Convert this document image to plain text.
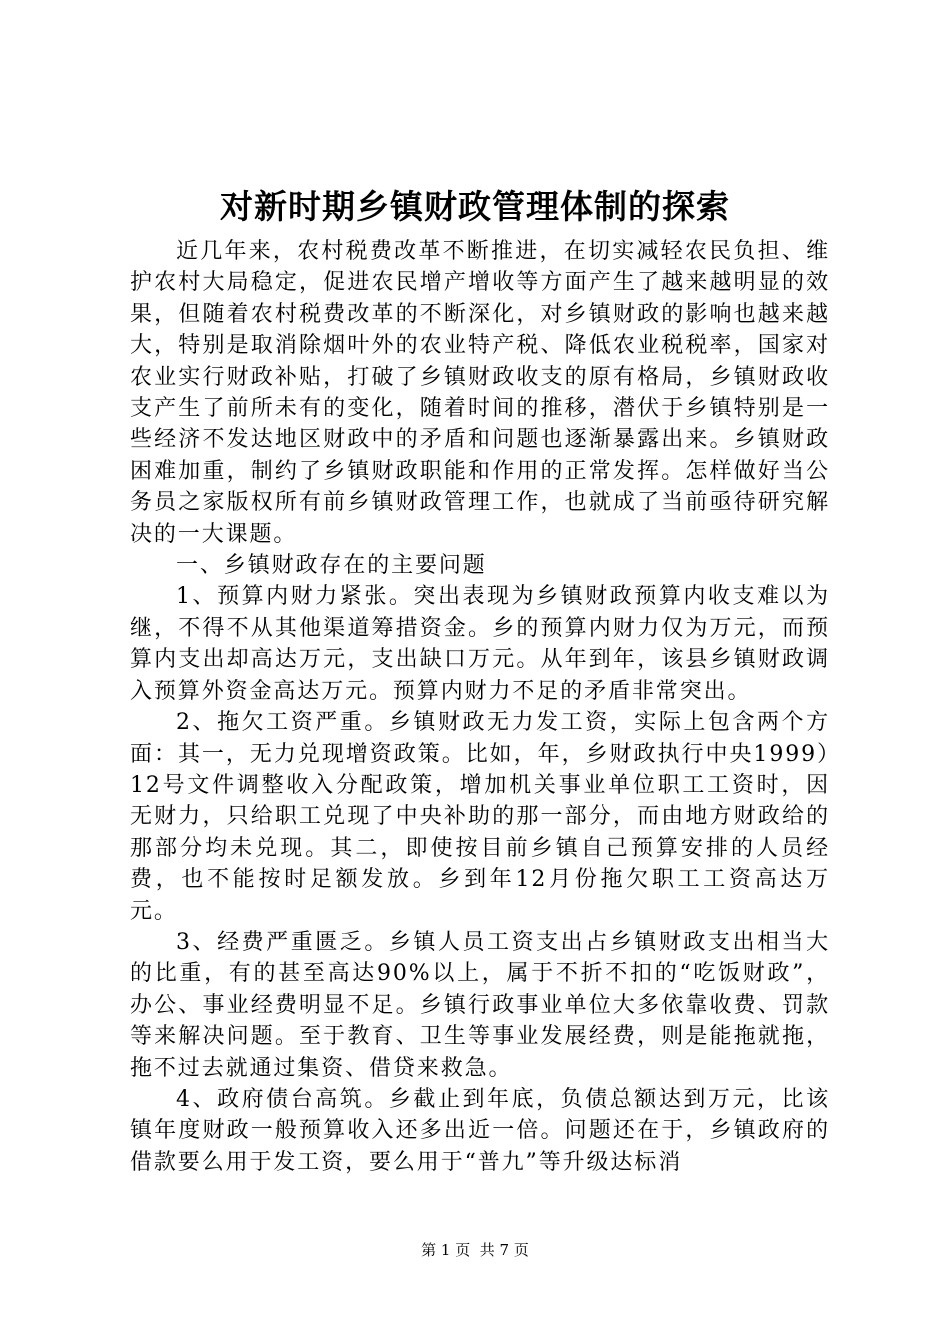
对新时期乡镇财政管理体制的探索

近几年来，农村税费改革不断推进，在切实减轻农民负担、维护农村大局稳定，促进农民增产增收等方面产生了越来越明显的效果，但随着农村税费改革的不断深化，对乡镇财政的影响也越来越大，特别是取消除烟叶外的农业特产税、降低农业税税率，国家对农业实行财政补贴，打破了乡镇财政收支的原有格局，乡镇财政收支产生了前所未有的变化，随着时间的推移，潜伏于乡镇特别是一些经济不发达地区财政中的矛盾和问题也逐渐暴露出来。乡镇财政困难加重，制约了乡镇财政职能和作用的正常发挥。怎样做好当公务员之家版权所有前乡镇财政管理工作，也就成了当前亟待研究解决的一大课题。

一、乡镇财政存在的主要问题

1、预算内财力紧张。突出表现为乡镇财政预算内收支难以为继，不得不从其他渠道筹措资金。乡的预算内财力仅为万元，而预算内支出却高达万元，支出缺口万元。从年到年，该县乡镇财政调入预算外资金高达万元。预算内财力不足的矛盾非常突出。

2、拖欠工资严重。乡镇财政无力发工资，实际上包含两个方面：其一，无力兑现增资政策。比如，年，乡财政执行中央1999）12号文件调整收入分配政策，增加机关事业单位职工工资时，因无财力，只给职工兑现了中央补助的那一部分，而由地方财政给的那部分均未兑现。其二，即使按目前乡镇自己预算安排的人员经费，也不能按时足额发放。乡到年12月份拖欠职工工资高达万元。

3、经费严重匮乏。乡镇人员工资支出占乡镇财政支出相当大的比重，有的甚至高达90%以上，属于不折不扣的“吃饭财政”，办公、事业经费明显不足。乡镇行政事业单位大多依靠收费、罚款等来解决问题。至于教育、卫生等事业发展经费，则是能拖就拖，拖不过去就通过集资、借贷来救急。

4、政府债台高筑。乡截止到年底，负债总额达到万元，比该镇年度财政一般预算收入还多出近一倍。问题还在于，乡镇政府的借款要么用于发工资，要么用于“普九”等升级达标消

第 1 页  共 7 页
